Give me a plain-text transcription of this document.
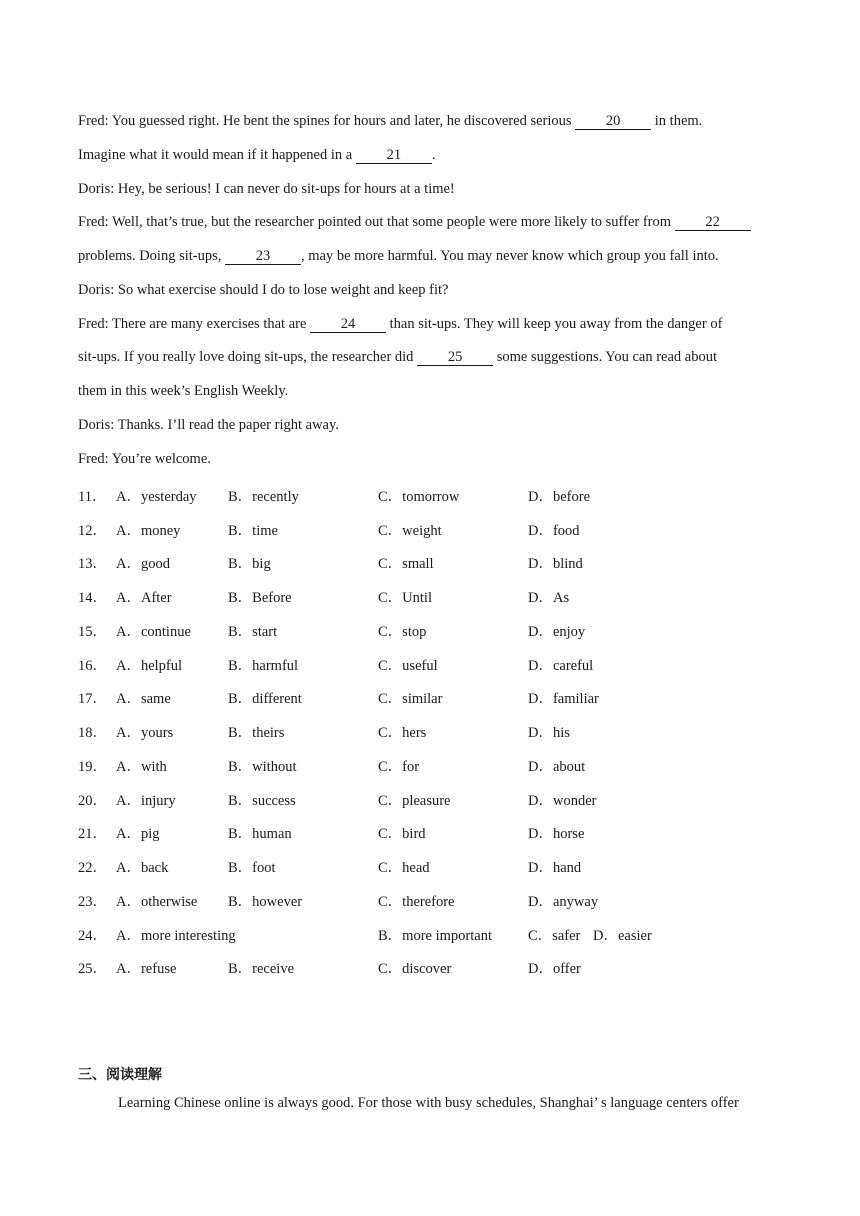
Fred: You guessed right. He bent the spines for hours and later, he discovered serious 20 in them.
Imagine what it would mean if it happened in a 21 .
Doris: Hey, be serious! I can never do sit-ups for hours at a time!
Fred: Well, that’s true, but the researcher pointed out that some people were more likely to suffer from 22
problems. Doing sit-ups, 23 , may be more harmful. You may never know which group you fall into.
Doris: So what exercise should I do to lose weight and keep fit?
Fred: There are many exercises that are 24 than sit-ups. They will keep you away from the danger of
sit-ups. If you really love doing sit-ups, the researcher did 25 some suggestions. You can read about
them in this week’s English Weekly.
Doris: Thanks. I’ll read the paper right away.
Fred: You’re welcome.
11． A．yesterday B．recently	C．tomorrow	D．before
12． A．money	B．time	C．weight	D．food
13． A．good	B．big	C．small	D．blind
14． A．After	B．Before	C．Until	D．As
15． A．continue	B．start	C．stop	D．enjoy
16． A．helpful	B．harmful	C．useful	D．careful
17． A．same	B．different	C．similar	D．familiar
18． A．yours	B．theirs	C．hers	D．his
19． A．with	B．without	C．for	D．about
20． A．injury	B．success	C．pleasure	D．wonder
21． A．pig	B．human	C．bird	D．horse
22． A．back	B．foot	C．head	D．hand
23． A．otherwise B．however	C．therefore	D．anyway
24． A．more interesting	B．more important C．safer D．easier
25． A．refuse	B．receive	C．discover	D．offer
三、阅读理解
Learning Chinese online is always good. For those with busy schedules, Shanghai’ s language centers offer
